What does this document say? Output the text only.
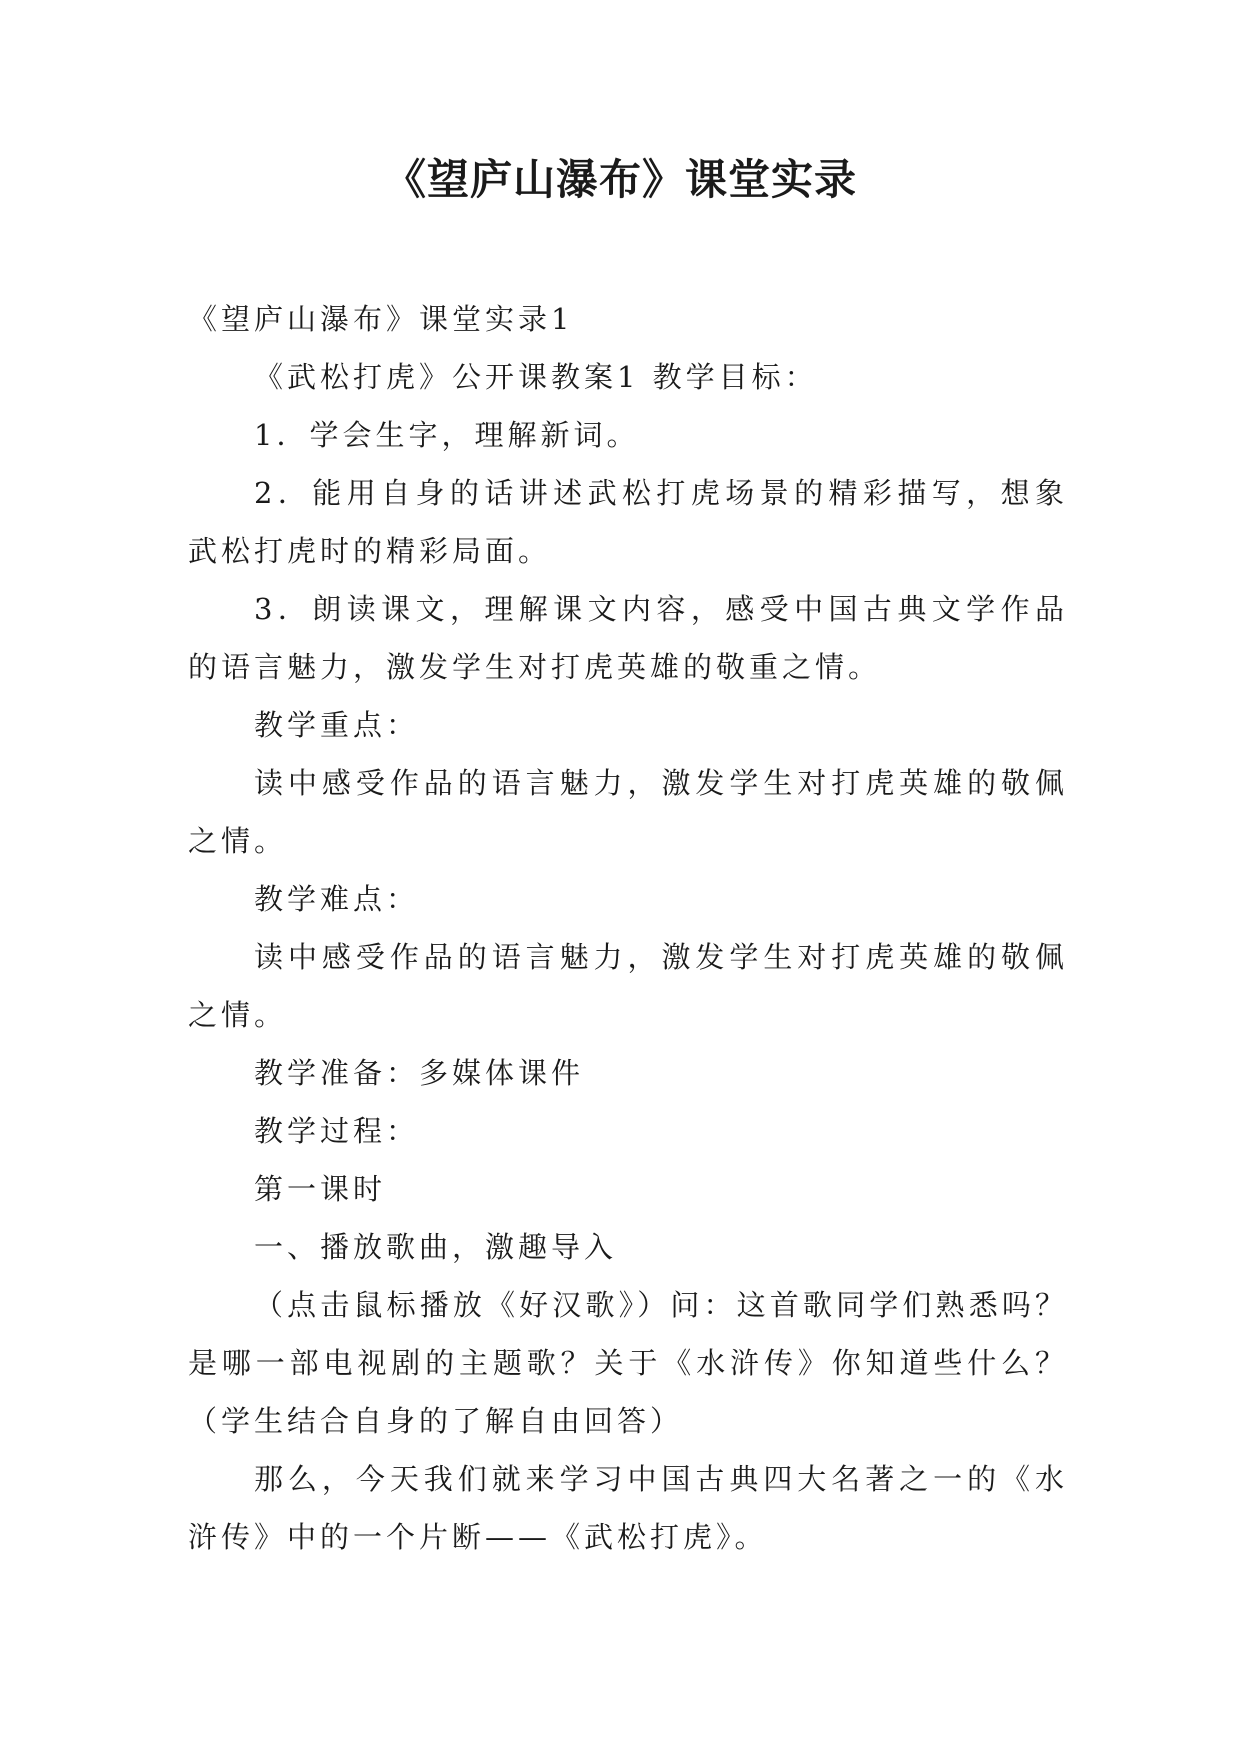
《望庐山瀑布》课堂实录

《望庐山瀑布》课堂实录1

《武松打虎》公开课教案1 教学目标：

1．学会生字，理解新词。

2．能用自身的话讲述武松打虎场景的精彩描写，想象武松打虎时的精彩局面。

3．朗读课文，理解课文内容，感受中国古典文学作品的语言魅力，激发学生对打虎英雄的敬重之情。

教学重点：

读中感受作品的语言魅力，激发学生对打虎英雄的敬佩之情。

教学难点：

读中感受作品的语言魅力，激发学生对打虎英雄的敬佩之情。

教学准备：多媒体课件

教学过程：

第一课时

一、播放歌曲，激趣导入

（点击鼠标播放《好汉歌》）问：这首歌同学们熟悉吗？是哪一部电视剧的主题歌？关于《水浒传》你知道些什么？（学生结合自身的了解自由回答）

那么，今天我们就来学习中国古典四大名著之一的《水浒传》中的一个片断——《武松打虎》。
